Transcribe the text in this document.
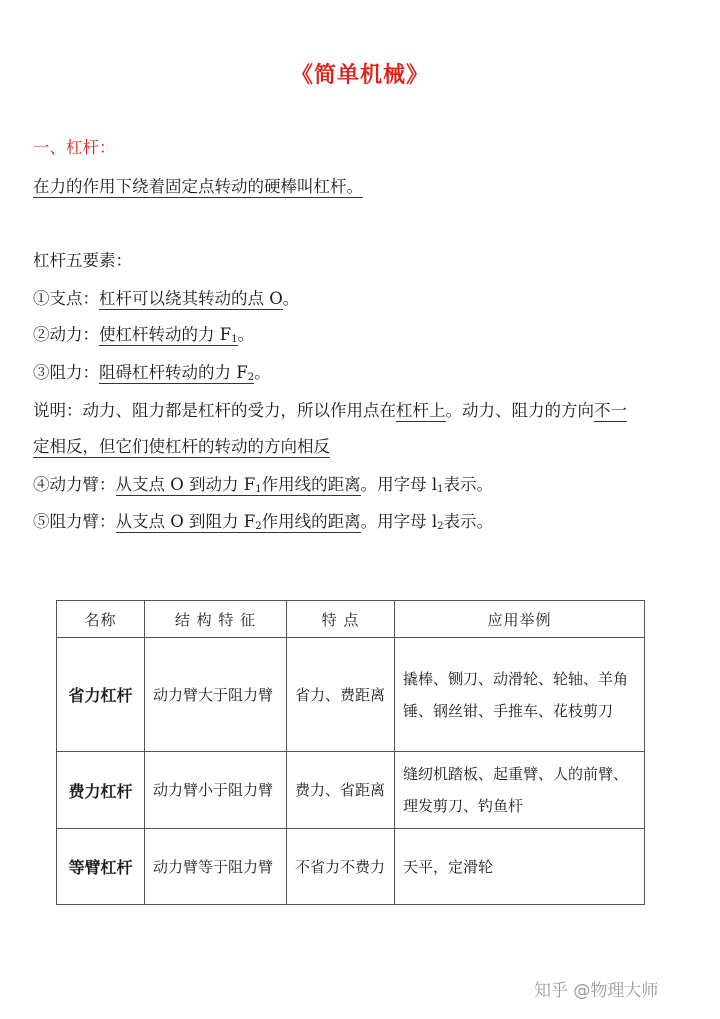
《简单机械》
一、杠杆：
在力的作用下绕着固定点转动的硬棒叫杠杆。
杠杆五要素：
①支点：杠杆可以绕其转动的点 O。
②动力：使杠杆转动的力 $F_1$。
③阻力：阻碍杠杆转动的力 $F_2$。
说明：动力、阻力都是杠杆的受力，所以作用点在杠杆上。动力、阻力的方向不一
定相反，但它们使杠杆的转动的方向相反
④动力臂：从支点 O 到动力 $F_1$作用线的距离。用字母 $l_1$表示。
⑤阻力臂：从支点 O 到阻力 $F_2$作用线的距离。用字母 $l_2$表示。
名称	结 构 特 征	特 点	应用举例
省力杠杆	动力臂大于阻力臂	省力、费距离	撬棒、铡刀、动滑轮、轮轴、羊角锤、钢丝钳、手推车、花枝剪刀
费力杠杆	动力臂小于阻力臂	费力、省距离	缝纫机踏板、起重臂、人的前臂、理发剪刀、钓鱼杆
等臂杠杆	动力臂等于阻力臂	不省力不费力	天平，定滑轮
知乎 @物理大师
